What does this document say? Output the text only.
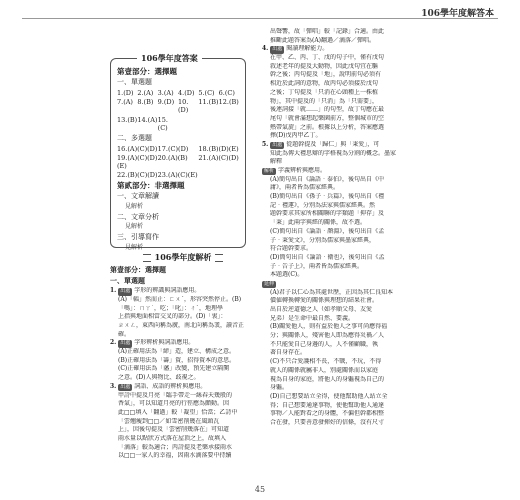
106學年度解答本
106學年度答案
第壹部分：選擇題
一、單選題
1.(D) 2.(A) 3.(A) 4.(D) 5.(C) 6.(C)
7.(A) 8.(B) 9.(D) 10.(D)
11.(B) 12.(B)
13.(B) 14.(A) 15.(C)
二、多選題
16.(A)(C)(D) 17.(C)(D)	18.(B)(D)(E)
19.(A)(C)(D)(E)
20.(A)(B)	21.(A)(C)(D)
22.(B)(C)(D) 23.(A)(C)(E)
第貳部分：非選擇題
一、文章解讀
見解析
二、文章分析
見解析
三、引導寫作
見解析
106學年度解析
第壹部分：選擇題
一、單選題
1. 出處 字形的辨識與詞語應用。
(A)「輻」然而止：ㄈㄨˊ，形容突然停止。(B)
「嗎」：ㄇㄚ˙，吃；「叱」：ㄔˋ，地理學
上指與地面相當交叉的部分。(D)「衷」：
ㄓㄨㄥ，東西向稱為廣，南北向稱為袤，讀音正
確。
2. 出處 字形辨析與詞語應用。
(A)正確用法為「締」造，建立、構成之意。
(B)正確用法為「籌」資，招得資本的意思。
(C)正確用法為「藩」改變，預先建立隔閡
之意。(D)人與物比、歧視之。
3. 出處 詞語、成語的辨析與應用。
甲詩中提及月亮「臨手帶走一絲春天幾般的
香氣」，可以知道月亮的行徑應為顫動。因
此□□填入「翻過」較「凝望」恰當；乙詩中
「雲翹瘦到□□／如雪密削幾在風頭瓦
上」，因後句提及「雲密削幾落在」可知道
雨水量以點狀方式落在屋頂之上，故填入
「滴落」較為適合；丙詩提及老樂承接雨水
以□□一家人的幸福，因雨水滴落要中持續
出聲響，故「彈唱」較「記錄」合適。由此
推斷此題答案為(A)翻過／滴落／彈唱。
4. 出處 閱讀理解能力。
在甲、乙、丙、丁、戊的句子中，僅有戊句
敘述老年的提及大動物，因此戊句宜在驅
幹之後；丙句提及「地」，說明前句必須有
相近於此詞的意物，故丙句必須接於戊句
之後；丁句提及「只消在心頭種上一株植
物」，其中提及的「只消」為「只需要」，
後連詞接「就……」的句型，故丁句應在最
尾句「就會滿想起樂園前方，整個城市的空
熱帶氣旋」之前。根據以上分析，答案應選
擇(D)戊丙甲乙丁。
5. 出處 從題幹提及「歸仁」與「秉愛」，可
知此為傳大禮思辯的字格視為分割的概念。墨家
解釋
解析 字義辨析與應用。
(A)簡句出自《論語‧泰伯》，後句出自《中
庸》，兩者皆為儒家經典。
(B)簡句出自《孫子‧兵篇》，後句出自《禮
記‧禮運》，分別為法家與儒家經典。然
題幹要求其家所相關聯的字類題「抑存」及
「秉」此兩字與經的關係，故不選。
(C)簡句出自《論語‧顏淵》，後句出自《孟
子‧秉愛文》，分別為儒家與墨家經典，
符合題幹要求。
(D)簡句出自《論語‧衛也》，後句出自《孟
子‧告子上》，兩者皆為儒家經典。
本題選(C)。
延伸
(A)君子以仁心為其處世歷，正因為其仁良知本
價値轉換轉愛的關係與理想的結果社會。
出自於逆道德之人（如孝順父母、友愛
兄弟）是生命中最自然、要義。
(B)關愛他人，則有益於他人之事可尚應得福
分；與關係人，殘害他人即為應得災禍／人
不只能愛自己身邊的人，人不僅顧職，執
著自身存在。
(C)不只合愛護相不長，不戰，不玩，不得
就人的關係就屬非人，別處關係而以家庭
視為自身的家庭，將他人的身軀視為自己的
身軀。
(D)自己想要站立全得，使他幫助他人站立全
得；自己想要通達事物，使他幫助他人通達
事物／人能對看之的身體，不偏但幹都相整
合在發，只要善意發揮好的信條，沒有尺寸
45
